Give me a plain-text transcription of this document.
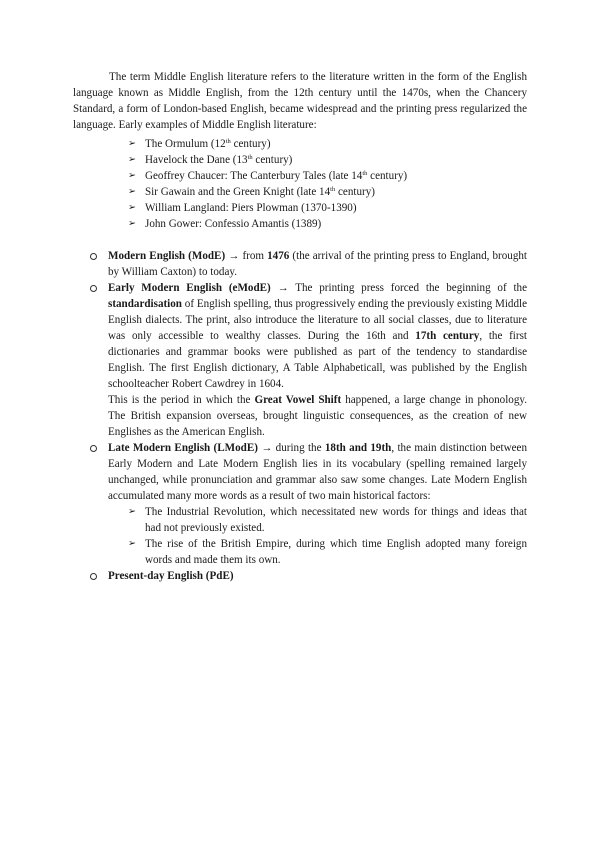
The term Middle English literature refers to the literature written in the form of the English language known as Middle English, from the 12th century until the 1470s, when the Chancery Standard, a form of London-based English, became widespread and the printing press regularized the language. Early examples of Middle English literature:

➢ The Ormulum (12th century)
➢ Havelock the Dane (13th century)
➢ Geoffrey Chaucer: The Canterbury Tales (late 14th century)
➢ Sir Gawain and the Green Knight (late 14th century)
➢ William Langland: Piers Plowman (1370-1390)
➢ John Gower: Confessio Amantis (1389)

Modern English (ModE) → from 1476 (the arrival of the printing press to England, brought by William Caxton) to today.

Early Modern English (eModE) → The printing press forced the beginning of the standardisation of English spelling, thus progressively ending the previously existing Middle English dialects. The print, also introduce the literature to all social classes, due to literature was only accessible to wealthy classes. During the 16th and 17th century, the first dictionaries and grammar books were published as part of the tendency to standardise English. The first English dictionary, A Table Alphabeticall, was published by the English schoolteacher Robert Cawdrey in 1604.

This is the period in which the Great Vowel Shift happened, a large change in phonology. The British expansion overseas, brought linguistic consequences, as the creation of new Englishes as the American English.

Late Modern English (LModE) → during the 18th and 19th, the main distinction between Early Modern and Late Modern English lies in its vocabulary (spelling remained largely unchanged, while pronunciation and grammar also saw some changes. Late Modern English accumulated many more words as a result of two main historical factors:

➢ The Industrial Revolution, which necessitated new words for things and ideas that had not previously existed.
➢ The rise of the British Empire, during which time English adopted many foreign words and made them its own.

Present-day English (PdE)
